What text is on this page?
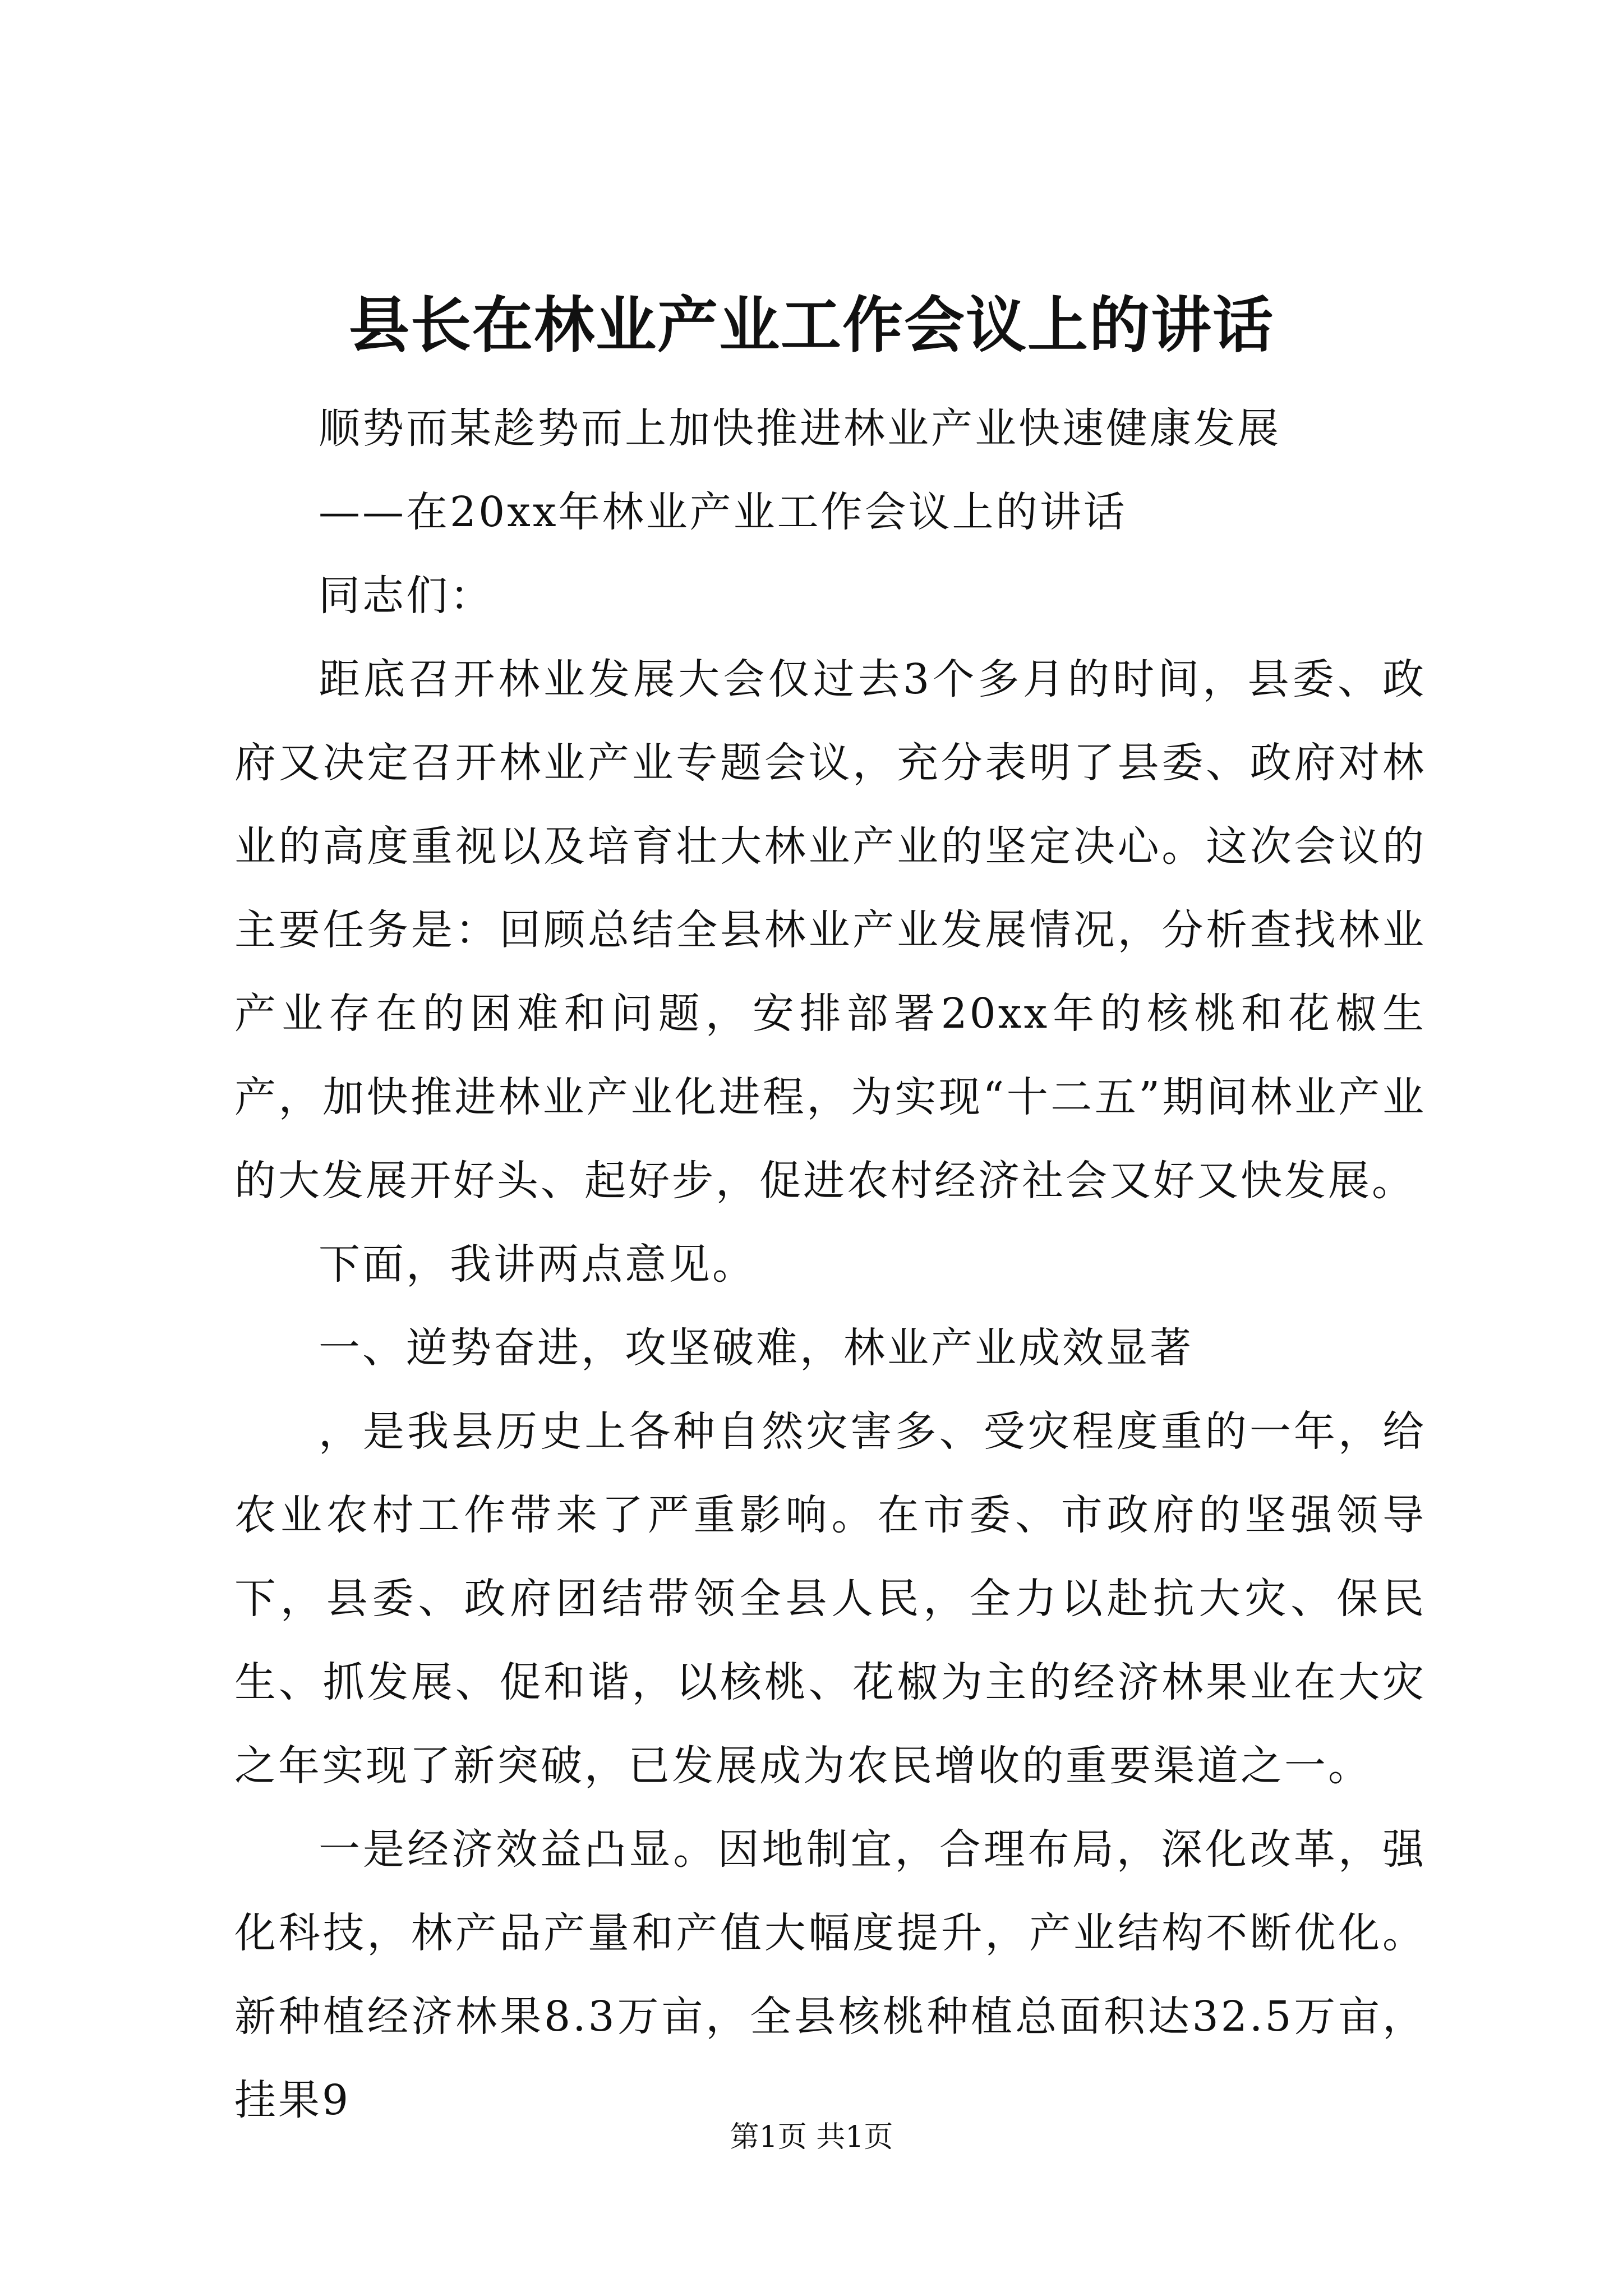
县长在林业产业工作会议上的讲话

顺势而某趁势而上加快推进林业产业快速健康发展

——在20xx年林业产业工作会议上的讲话

同志们：

距底召开林业发展大会仅过去3个多月的时间，县委、政府又决定召开林业产业专题会议，充分表明了县委、政府对林业的高度重视以及培育壮大林业产业的坚定决心。这次会议的主要任务是：回顾总结全县林业产业发展情况，分析查找林业产业存在的困难和问题，安排部署20xx年的核桃和花椒生产，加快推进林业产业化进程，为实现“十二五”期间林业产业的大发展开好头、起好步，促进农村经济社会又好又快发展。

下面，我讲两点意见。

一、逆势奋进，攻坚破难，林业产业成效显著

，是我县历史上各种自然灾害多、受灾程度重的一年，给农业农村工作带来了严重影响。在市委、市政府的坚强领导下，县委、政府团结带领全县人民，全力以赴抗大灾、保民生、抓发展、促和谐，以核桃、花椒为主的经济林果业在大灾之年实现了新突破，已发展成为农民增收的重要渠道之一。

一是经济效益凸显。因地制宜，合理布局，深化改革，强化科技，林产品产量和产值大幅度提升，产业结构不断优化。新种植经济林果8.3万亩，全县核桃种植总面积达32.5万亩，挂果9

第1页 共1页
